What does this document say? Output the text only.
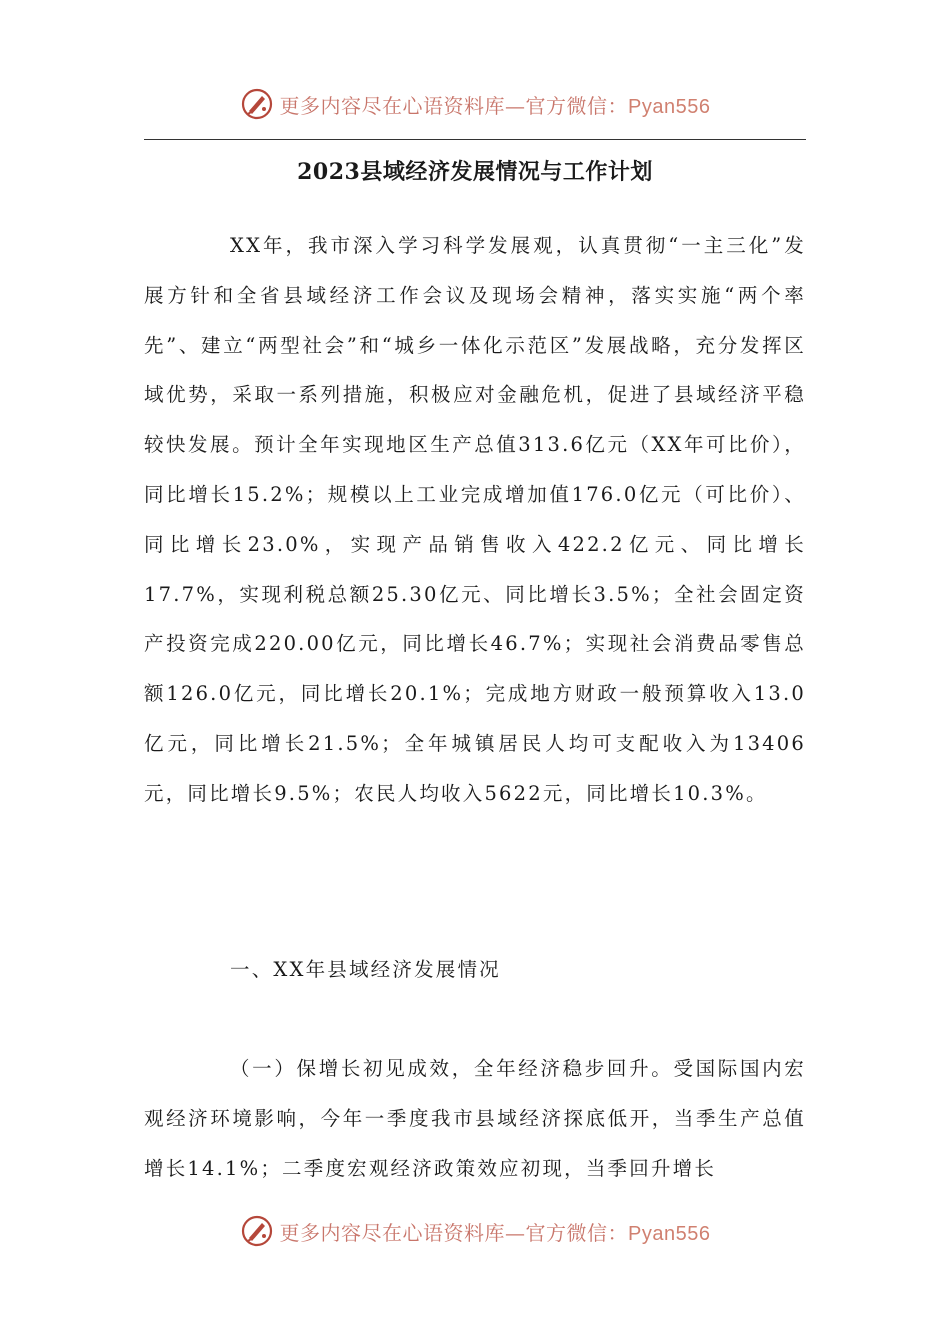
更多内容尽在心语资料库—官方微信：Pyan556
2023县域经济发展情况与工作计划
XX年，我市深入学习科学发展观，认真贯彻“一主三化”发展方针和全省县域经济工作会议及现场会精神，落实实施“两个率先”、建立“两型社会”和“城乡一体化示范区”发展战略，充分发挥区域优势，采取一系列措施，积极应对金融危机，促进了县域经济平稳较快发展。预计全年实现地区生产总值313.6亿元（XX年可比价），同比增长15.2%；规模以上工业完成增加值176.0亿元（可比价）、同比增长23.0%，实现产品销售收入422.2亿元、同比增长17.7%，实现利税总额25.30亿元、同比增长3.5%；全社会固定资产投资完成220.00亿元，同比增长46.7%；实现社会消费品零售总额126.0亿元，同比增长20.1%；完成地方财政一般预算收入13.0亿元，同比增长21.5%；全年城镇居民人均可支配收入为13406元，同比增长9.5%；农民人均收入5622元，同比增长10.3%。
一、XX年县域经济发展情况
（一）保增长初见成效，全年经济稳步回升。受国际国内宏观经济环境影响，今年一季度我市县域经济探底低开，当季生产总值增长14.1%；二季度宏观经济政策效应初现，当季回升增长
更多内容尽在心语资料库—官方微信：Pyan556
